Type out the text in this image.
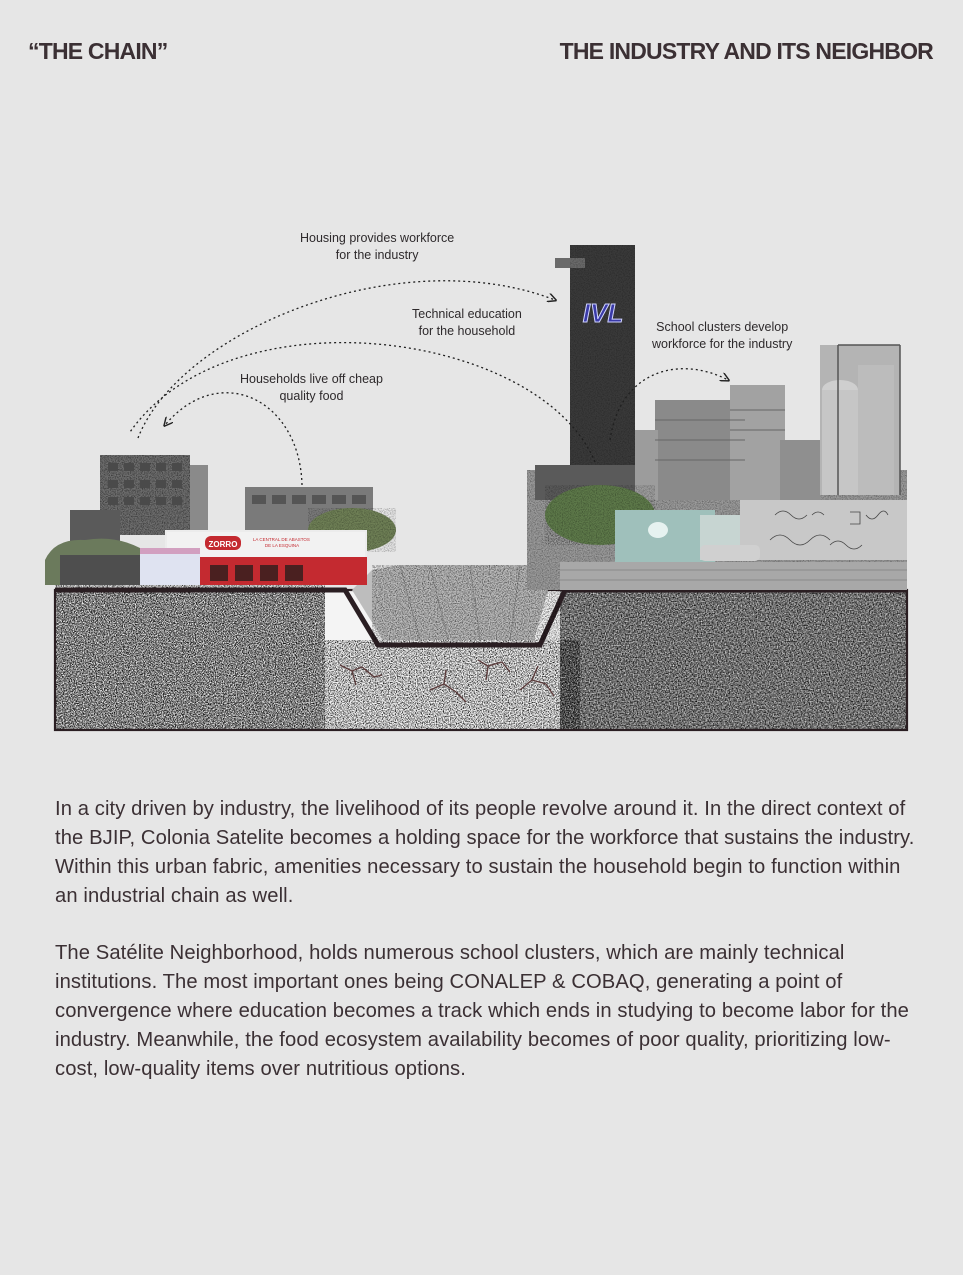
“THE CHAIN”	THE INDUSTRY AND ITS NEIGHBOR
ZORRO
LA CENTRAL DE ABASTOS DE LA ESQUINA
IVL
Housing provides workforce
for the industry
Technical education
for the household
Households live off cheap
quality food
School clusters develop
workforce for the industry

In a city driven by industry, the livelihood of its people revolve around it. In the direct context of the BJIP, Colonia Satelite becomes a holding space for the workforce that sustains the industry. Within this urban fabric, amenities necessary to sustain the household begin to function within an industrial chain as well.

The Satélite Neighborhood, holds numerous school clusters, which are mainly technical institutions. The most important ones being CONALEP & COBAQ, generating a point of convergence where education becomes a track which ends in studying to become labor for the industry. Meanwhile, the food ecosystem availability becomes of poor quality, prioritizing low-cost, low-quality items over nutritious options.
